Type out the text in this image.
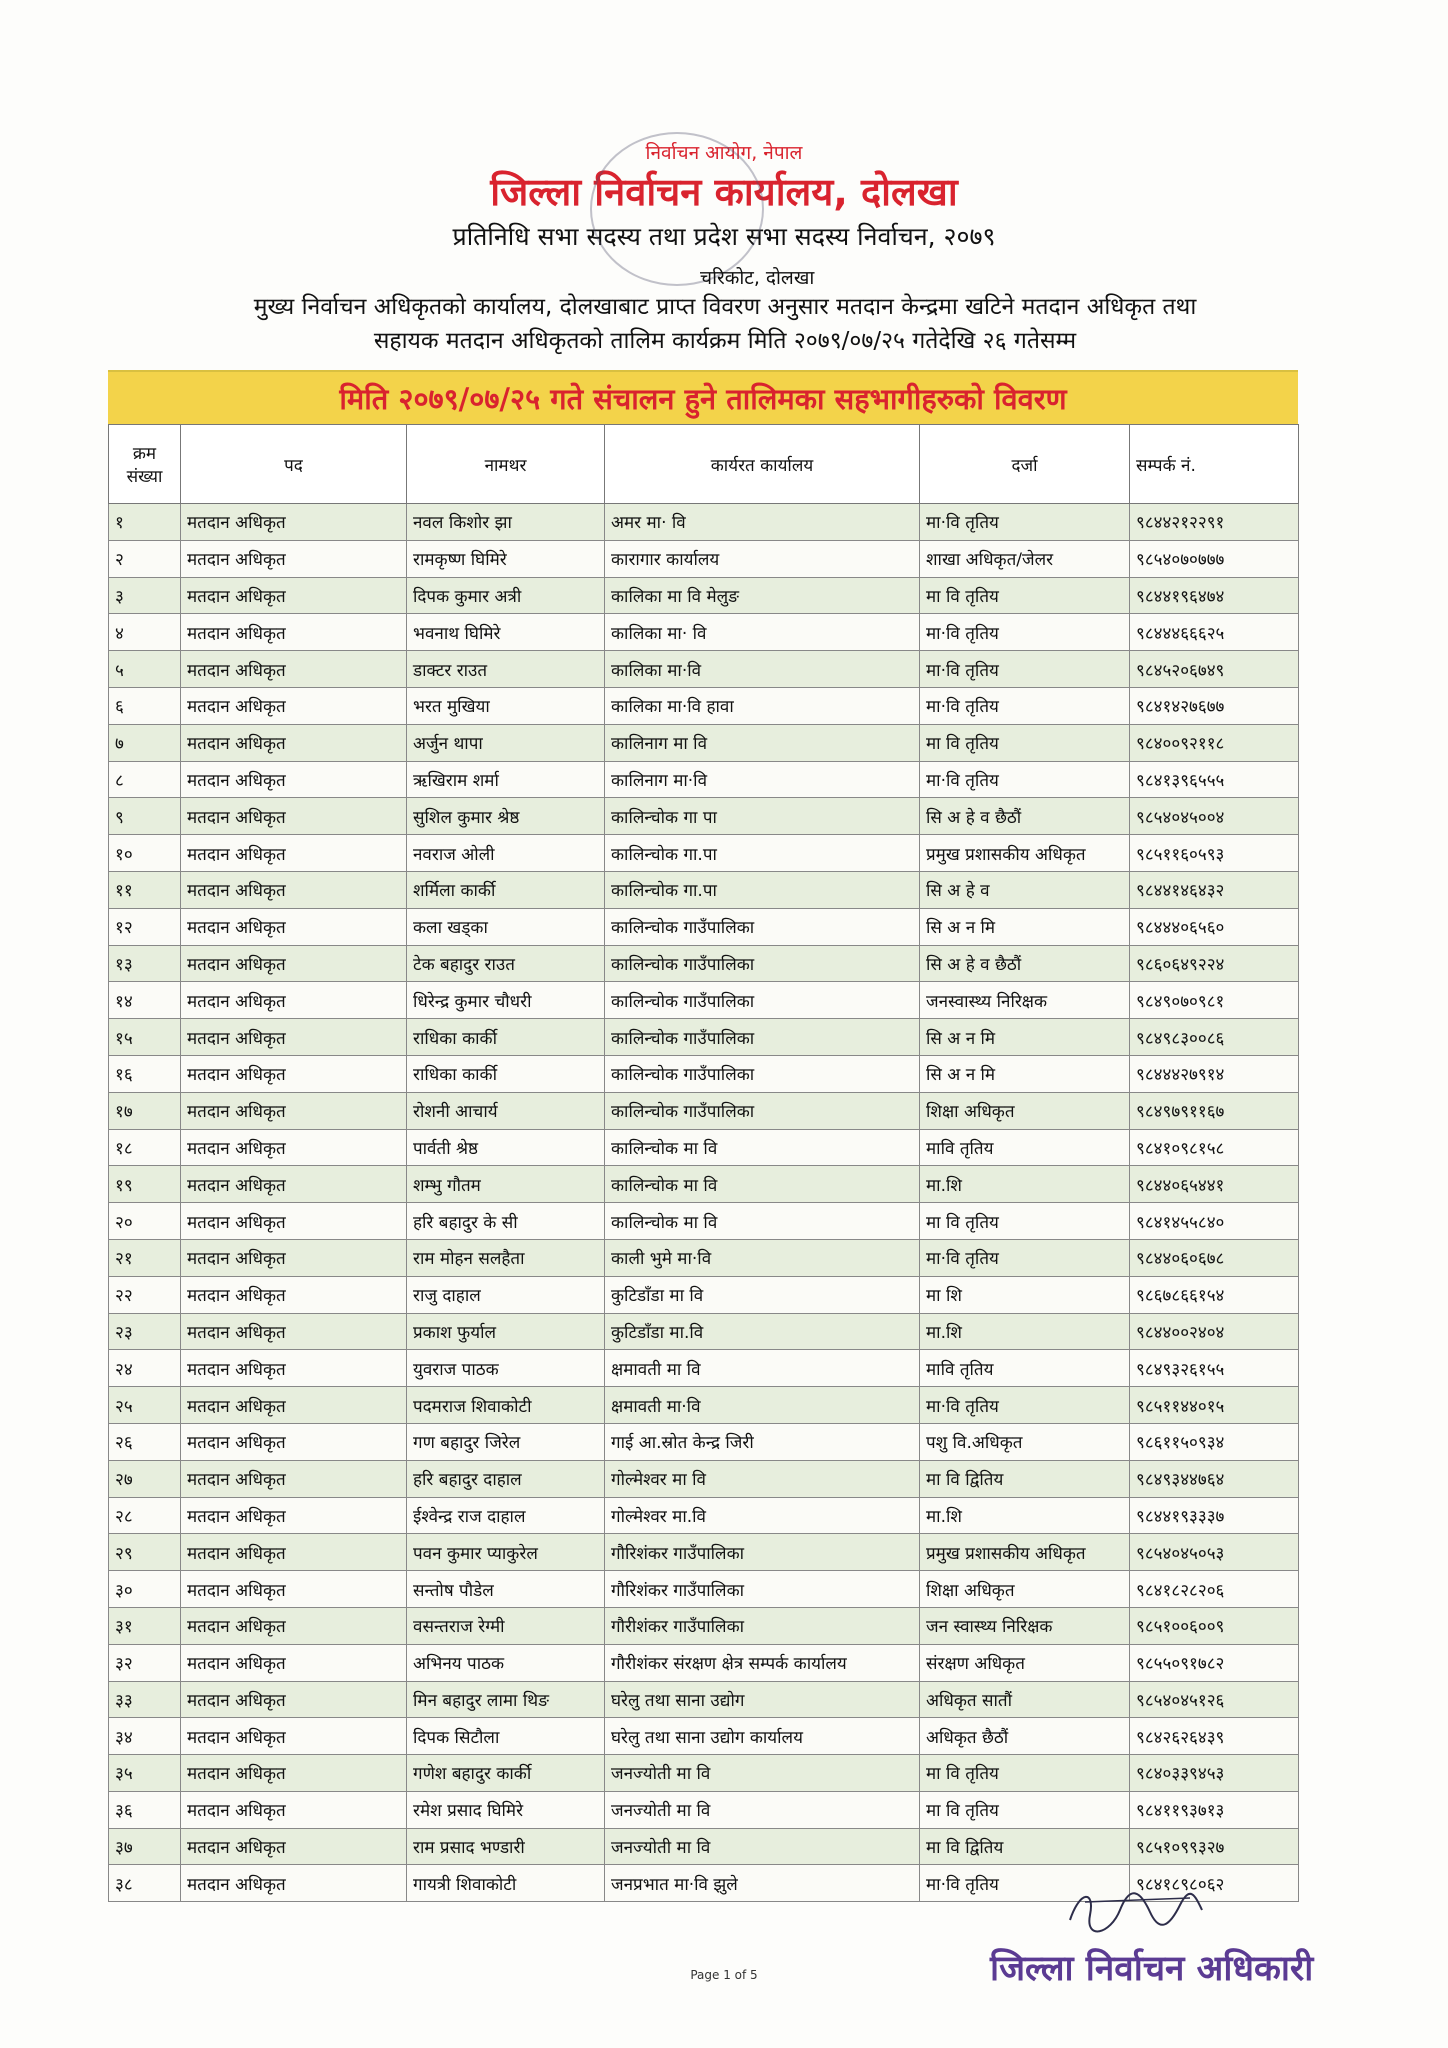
निर्वाचन आयोग, नेपाल
जिल्ला निर्वाचन कार्यालय, दोलखा
प्रतिनिधि सभा सदस्य तथा प्रदेश सभा सदस्य निर्वाचन, २०७९
चरिकोट, दोलखा
मुख्य निर्वाचन अधिकृतको कार्यालय, दोलखाबाट प्राप्त विवरण अनुसार मतदान केन्द्रमा खटिने मतदान अधिकृत तथा
सहायक मतदान अधिकृतको तालिम कार्यक्रम मिति २०७९/०७/२५ गतेदेखि २६ गतेसम्म
मिति २०७९/०७/२५ गते संचालन हुने तालिमका सहभागीहरुको विवरण
क्रम
संख्या	पद	नामथर	कार्यरत कार्यालय	दर्जा	सम्पर्क नं.
१	मतदान अधिकृत	नवल किशोर झा	अमर मा· वि	मा·वि तृतिय	९८४४२१२२९१
२	मतदान अधिकृत	रामकृष्ण घिमिरे	कारागार कार्यालय	शाखा अधिकृत/जेलर	९८५४०७०७७७
३	मतदान अधिकृत	दिपक कुमार अत्री	कालिका मा वि मेलुङ	मा वि तृतिय	९८४४१९६४७४
४	मतदान अधिकृत	भवनाथ घिमिरे	कालिका मा· वि	मा·वि तृतिय	९८४४४६६६२५
५	मतदान अधिकृत	डाक्टर राउत	कालिका मा·वि	मा·वि तृतिय	९८४५२०६७४९
६	मतदान अधिकृत	भरत मुखिया	कालिका मा·वि हावा	मा·वि तृतिय	९८४१४२७६७७
७	मतदान अधिकृत	अर्जुन थापा	कालिनाग मा वि	मा वि तृतिय	९८४००९२११८
८	मतदान अधिकृत	ऋखिराम शर्मा	कालिनाग मा·वि	मा·वि तृतिय	९८४१३९६५५५
९	मतदान अधिकृत	सुशिल कुमार श्रेष्ठ	कालिन्चोक गा पा	सि अ हे व छैठौं	९८५४०४५००४
१०	मतदान अधिकृत	नवराज ओली	कालिन्चोक गा.पा	प्रमुख प्रशासकीय अधिकृत	९८५११६०५९३
११	मतदान अधिकृत	शर्मिला कार्की	कालिन्चोक गा.पा	सि अ हे व	९८४४१४६४३२
१२	मतदान अधिकृत	कला खड्का	कालिन्चोक गाउँपालिका	सि अ न मि	९८४४४०६५६०
१३	मतदान अधिकृत	टेक बहादुर राउत	कालिन्चोक गाउँपालिका	सि अ हे व छैठौं	९८६०६४९२२४
१४	मतदान अधिकृत	धिरेन्द्र कुमार चौधरी	कालिन्चोक गाउँपालिका	जनस्वास्थ्य निरिक्षक	९८४९०७०९८१
१५	मतदान अधिकृत	राधिका कार्की	कालिन्चोक गाउँपालिका	सि अ न मि	९८४९८३००८६
१६	मतदान अधिकृत	राधिका कार्की	कालिन्चोक गाउँपालिका	सि अ न मि	९८४४४२७९१४
१७	मतदान अधिकृत	रोशनी आचार्य	कालिन्चोक गाउँपालिका	शिक्षा अधिकृत	९८४९७९११६७
१८	मतदान अधिकृत	पार्वती श्रेष्ठ	कालिन्चोक मा वि	मावि तृतिय	९८४१०९८१५८
१९	मतदान अधिकृत	शम्भु गौतम	कालिन्चोक मा वि	मा.शि	९८४४०६५४४१
२०	मतदान अधिकृत	हरि बहादुर के सी	कालिन्चोक मा वि	मा वि तृतिय	९८४१४५५८४०
२१	मतदान अधिकृत	राम मोहन सलहैता	काली भुमे मा·वि	मा·वि तृतिय	९८४४०६०६७८
२२	मतदान अधिकृत	राजु दाहाल	कुटिडाँडा मा वि	मा शि	९८६७८६६१५४
२३	मतदान अधिकृत	प्रकाश फुर्याल	कुटिडाँडा मा.वि	मा.शि	९८४४००२४०४
२४	मतदान अधिकृत	युवराज पाठक	क्षमावती मा वि	मावि तृतिय	९८४९३२६१५५
२५	मतदान अधिकृत	पदमराज शिवाकोटी	क्षमावती मा·वि	मा·वि तृतिय	९८५११४४०१५
२६	मतदान अधिकृत	गण बहादुर जिरेल	गाई आ.स्रोत केन्द्र जिरी	पशु वि.अधिकृत	९८६११५०९३४
२७	मतदान अधिकृत	हरि बहादुर दाहाल	गोल्मेश्वर मा वि	मा वि द्वितिय	९८४९३४४७६४
२८	मतदान अधिकृत	ईश्वेन्द्र राज दाहाल	गोल्मेश्वर मा.वि	मा.शि	९८४४१९३३३७
२९	मतदान अधिकृत	पवन कुमार प्याकुरेल	गौरिशंकर गाउँपालिका	प्रमुख प्रशासकीय अधिकृत	९८५४०४५०५३
३०	मतदान अधिकृत	सन्तोष पौडेल	गौरिशंकर गाउँपालिका	शिक्षा अधिकृत	९८४१८२८२०६
३१	मतदान अधिकृत	वसन्तराज रेग्मी	गौरीशंकर गाउँपालिका	जन स्वास्थ्य निरिक्षक	९८५१००६००९
३२	मतदान अधिकृत	अभिनय पाठक	गौरीशंकर संरक्षण क्षेत्र सम्पर्क कार्यालय	संरक्षण अधिकृत	९८५५०९१७८२
३३	मतदान अधिकृत	मिन बहादुर लामा थिङ	घरेलु तथा साना उद्योग	अधिकृत सातौं	९८५४०४५१२६
३४	मतदान अधिकृत	दिपक सिटौला	घरेलु तथा साना उद्योग कार्यालय	अधिकृत छैठौं	९८४२६२६४३९
३५	मतदान अधिकृत	गणेश बहादुर कार्की	जनज्योती मा वि	मा वि तृतिय	९८४०३३९४५३
३६	मतदान अधिकृत	रमेश प्रसाद घिमिरे	जनज्योती मा वि	मा वि तृतिय	९८४११९३७१३
३७	मतदान अधिकृत	राम प्रसाद भण्डारी	जनज्योती मा वि	मा वि द्वितिय	९८५१०९९३२७
३८	मतदान अधिकृत	गायत्री शिवाकोटी	जनप्रभात मा·वि झुले	मा·वि तृतिय	९८४१८९८०६२
जिल्ला निर्वाचन अधिकारी
Page 1 of 5
